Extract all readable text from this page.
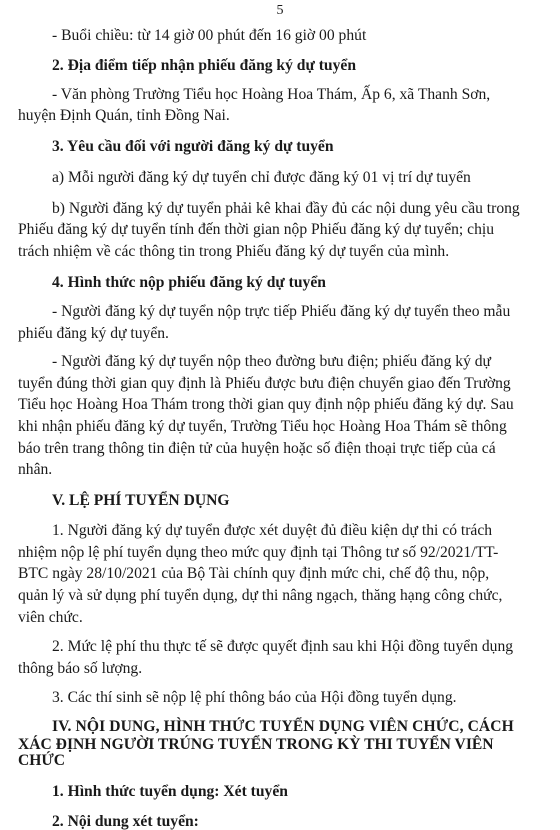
5

- Buổi chiều: từ 14 giờ 00 phút đến 16 giờ 00 phút

2. Địa điểm tiếp nhận phiếu đăng ký dự tuyển

- Văn phòng Trường Tiểu học Hoàng Hoa Thám, Ấp 6, xã Thanh Sơn,

huyện Định Quán, tỉnh Đồng Nai.

3. Yêu cầu đối với người đăng ký dự tuyển

a) Mỗi người đăng ký dự tuyển chỉ được đăng ký 01 vị trí dự tuyển

b) Người đăng ký dự tuyển phải kê khai đầy đủ các nội dung yêu cầu trong

Phiếu đăng ký dự tuyển tính đến thời gian nộp Phiếu đăng ký dự tuyển; chịu

trách nhiệm về các thông tin trong Phiếu đăng ký dự tuyển của mình.

4. Hình thức nộp phiếu đăng ký dự tuyển

- Người đăng ký dự tuyển nộp trực tiếp Phiếu đăng ký dự tuyển theo mẫu

phiếu đăng ký dự tuyển.

- Người đăng ký dự tuyển nộp theo đường bưu điện; phiếu đăng ký dự

tuyển đúng thời gian quy định là Phiếu được bưu điện chuyển giao đến Trường

Tiểu học Hoàng Hoa Thám trong thời gian quy định nộp phiếu đăng ký dự. Sau

khi nhận phiếu đăng ký dự tuyển, Trường Tiểu học Hoàng Hoa Thám sẽ thông

báo trên trang thông tin điện tử của huyện hoặc số điện thoại trực tiếp của cá

nhân.

V. LỆ PHÍ TUYỂN DỤNG

1. Người đăng ký dự tuyển được xét duyệt đủ điều kiện dự thi có trách

nhiệm nộp lệ phí tuyển dụng theo mức quy định tại Thông tư số 92/2021/TT-

BTC ngày 28/10/2021 của Bộ Tài chính quy định mức chi, chế độ thu, nộp,

quản lý và sử dụng phí tuyển dụng, dự thi nâng ngạch, thăng hạng công chức,

viên chức.

2. Mức lệ phí thu thực tế sẽ được quyết định sau khi Hội đồng tuyển dụng

thông báo số lượng.

3. Các thí sinh sẽ nộp lệ phí thông báo của Hội đồng tuyển dụng.

IV. NỘI DUNG, HÌNH THỨC TUYỂN DỤNG VIÊN CHỨC, CÁCH

XÁC ĐỊNH NGƯỜI TRÚNG TUYỂN TRONG KỲ THI TUYỂN VIÊN

CHỨC

1. Hình thức tuyển dụng: Xét tuyển

2. Nội dung xét tuyển:
